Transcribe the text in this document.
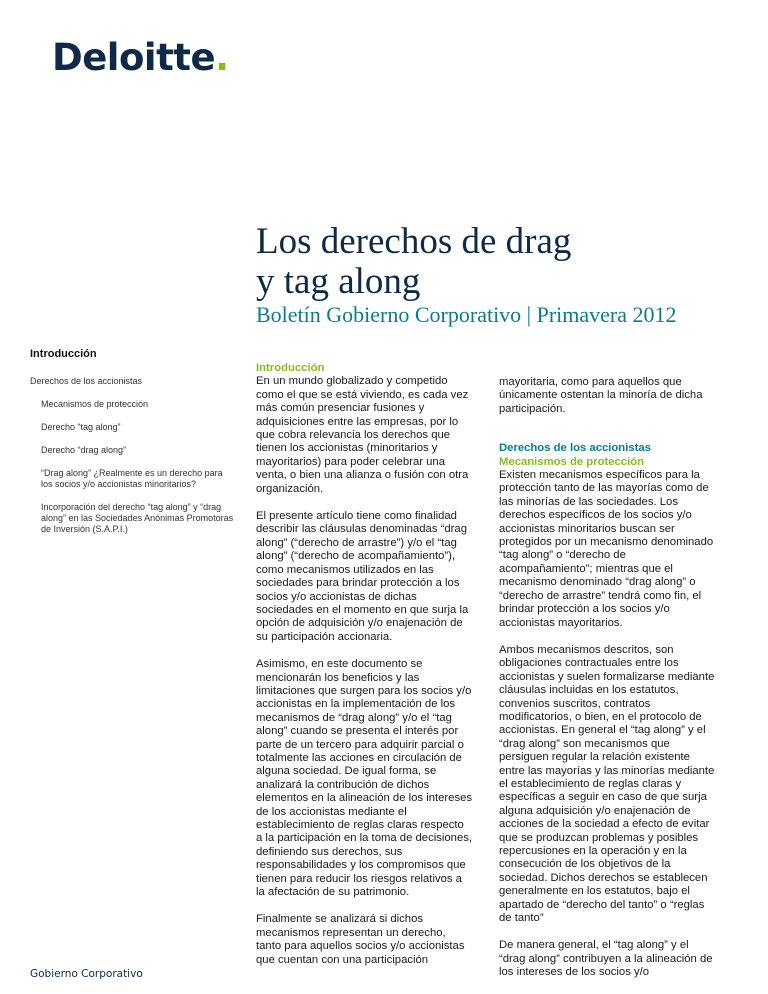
Deloitte.
Los derechos de drag
y tag along
Boletín Gobierno Corporativo | Primavera 2012
Introducción
Derechos de los accionistas
Mecanismos de protección
Derecho “tag along”
Derecho “drag along”
“Drag along” ¿Realmente es un derecho para los socios y/o accionistas minoritarios?
Incorporación del derecho “tag along” y “drag along” en las Sociedades Anónimas Promotoras de Inversión (S.A.P.I.)

Introducción
En un mundo globalizado y competido como el que se está viviendo, es cada vez más común presenciar fusiones y adquisiciones entre las empresas, por lo que cobra relevancia los derechos que tienen los accionistas (minoritarios y mayoritarios) para poder celebrar una venta, o bien una alianza o fusión con otra organización.

El presente artículo tiene como finalidad describir las cláusulas denominadas “drag along” (“derecho de arrastre”) y/o el “tag along” (“derecho de acompañamiento”), como mecanismos utilizados en las sociedades para brindar protección a los socios y/o accionistas de dichas sociedades en el momento en que surja la opción de adquisición y/o enajenación de su participación accionaria.

Asimismo, en este documento se mencionarán los beneficios y las limitaciones que surgen para los socios y/o accionistas en la implementación de los mecanismos de “drag along” y/o el “tag along” cuando se presenta el interés por parte de un tercero para adquirir parcial o totalmente las acciones en circulación de alguna sociedad. De igual forma, se analizará la contribución de dichos elementos en la alineación de los intereses de los accionistas mediante el establecimiento de reglas claras respecto a la participación en la toma de decisiones, definiendo sus derechos, sus responsabilidades y los compromisos que tienen para reducir los riesgos relativos a la afectación de su patrimonio.

Finalmente se analizará si dichos mecanismos representan un derecho, tanto para aquellos socios y/o accionistas que cuentan con una participación

mayoritaria, como para aquellos que únicamente ostentan la minoría de dicha participación.

Derechos de los accionistas
Mecanismos de protección
Existen mecanismos específicos para la protección tanto de las mayorías como de las minorías de las sociedades. Los derechos específicos de los socios y/o accionistas minoritarios buscan ser protegidos por un mecanismo denominado “tag along” o “derecho de acompañamiento”; mientras que el mecanismo denominado “drag along” o “derecho de arrastre” tendrá como fin, el brindar protección a los socios y/o accionistas mayoritarios.

Ambos mecanismos descritos, son obligaciones contractuales entre los accionistas y suelen formalizarse mediante cláusulas incluidas en los estatutos, convenios suscritos, contratos modificatorios, o bien, en el protocolo de accionistas. En general el “tag along” y el “drag along” son mecanismos que persiguen regular la relación existente entre las mayorías y las minorías mediante el establecimiento de reglas claras y específicas a seguir en caso de que surja alguna adquisición y/o enajenación de acciones de la sociedad a efecto de evitar que se produzcan problemas y posibles repercusiones en la operación y en la consecución de los objetivos de la sociedad. Dichos derechos se establecen generalmente en los estatutos, bajo el apartado de “derecho del tanto” o “reglas de tanto”

De manera general, el “tag along” y el “drag along” contribuyen a la alineación de los intereses de los socios y/o

Gobierno Corporativo
